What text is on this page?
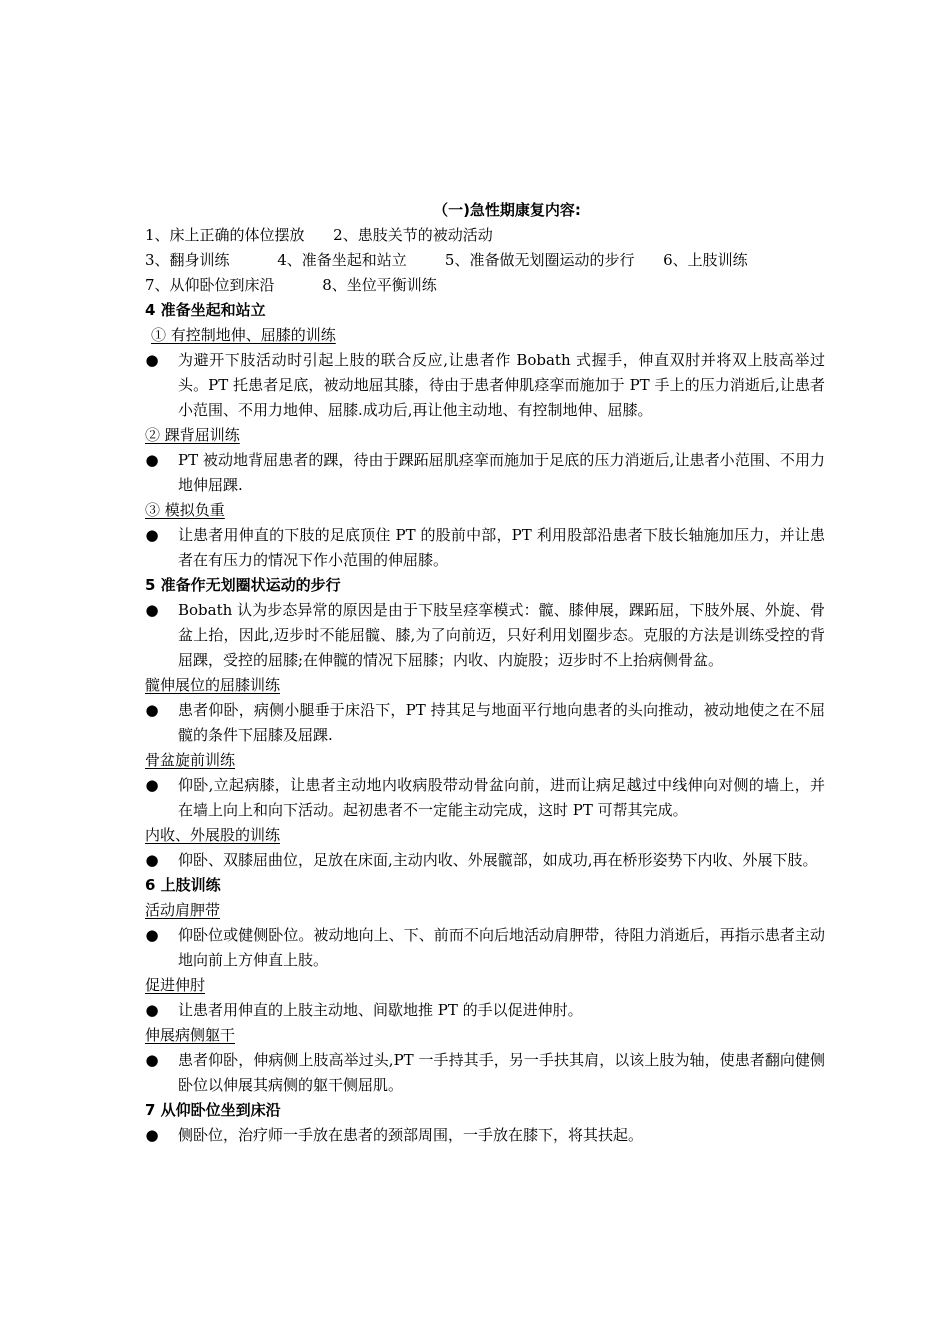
（一)急性期康复内容:
1、床上正确的体位摆放      2、患肢关节的被动活动
3、翻身训练          4、准备坐起和站立        5、准备做无划圈运动的步行      6、上肢训练
7、从仰卧位到床沿          8、坐位平衡训练
4 准备坐起和站立
① 有控制地伸、屈膝的训练
● 为避开下肢活动时引起上肢的联合反应,让患者作 Bobath 式握手，伸直双肘并将双上肢高举过头。PT 托患者足底，被动地屈其膝，待由于患者伸肌痉挛而施加于 PT 手上的压力消逝后,让患者小范围、不用力地伸、屈膝.成功后,再让他主动地、有控制地伸、屈膝。
② 踝背屈训练
● PT 被动地背屈患者的踝，待由于踝跖屈肌痉挛而施加于足底的压力消逝后,让患者小范围、不用力地伸屈踝.
③ 模拟负重
● 让患者用伸直的下肢的足底顶住 PT 的股前中部，PT 利用股部沿患者下肢长轴施加压力，并让患者在有压力的情况下作小范围的伸屈膝。
5 准备作无划圈状运动的步行
● Bobath 认为步态异常的原因是由于下肢呈痉挛模式：髋、膝伸展，踝跖屈，下肢外展、外旋、骨盆上抬，因此,迈步时不能屈髋、膝,为了向前迈，只好利用划圈步态。克服的方法是训练受控的背屈踝，受控的屈膝;在伸髋的情况下屈膝；内收、内旋股；迈步时不上抬病侧骨盆。
髋伸展位的屈膝训练
● 患者仰卧，病侧小腿垂于床沿下，PT 持其足与地面平行地向患者的头向推动，被动地使之在不屈髋的条件下屈膝及屈踝.
骨盆旋前训练
● 仰卧,立起病膝，让患者主动地内收病股带动骨盆向前，进而让病足越过中线伸向对侧的墙上，并在墙上向上和向下活动。起初患者不一定能主动完成，这时 PT 可帮其完成。
内收、外展股的训练
● 仰卧、双膝屈曲位，足放在床面,主动内收、外展髋部，如成功,再在桥形姿势下内收、外展下肢。
6 上肢训练
活动肩胛带
● 仰卧位或健侧卧位。被动地向上、下、前而不向后地活动肩胛带，待阻力消逝后，再指示患者主动地向前上方伸直上肢。
促进伸肘
● 让患者用伸直的上肢主动地、间歇地推 PT 的手以促进伸肘。
伸展病侧躯干
● 患者仰卧，伸病侧上肢高举过头,PT 一手持其手，另一手扶其肩，以该上肢为轴，使患者翻向健侧卧位以伸展其病侧的躯干侧屈肌。
7 从仰卧位坐到床沿
● 侧卧位，治疗师一手放在患者的颈部周围，一手放在膝下，将其扶起。
